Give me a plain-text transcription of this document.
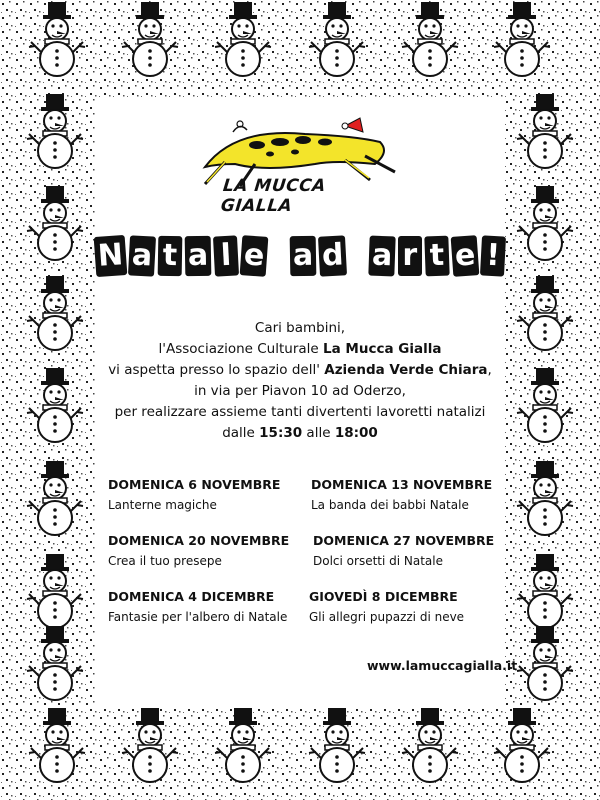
LA MUCCA GIALLA
N a t a l e a d a r t e !
Cari bambini,
l'Associazione Culturale La Mucca Gialla
vi aspetta presso lo spazio dell' Azienda Verde Chiara,
in via per Piavon 10 ad Oderzo,
per realizzare assieme tanti divertenti lavoretti natalizi
dalle 15:30 alle 18:00
DOMENICA 6 NOVEMBRE
Lanterne magiche
DOMENICA 13 NOVEMBRE
La banda dei babbi Natale
DOMENICA 20 NOVEMBRE
Crea il tuo presepe
DOMENICA 27 NOVEMBRE
Dolci orsetti di Natale
DOMENICA 4 DICEMBRE
Fantasie per l'albero di Natale
GIOVEDÌ 8 DICEMBRE
Gli allegri pupazzi di neve
www.lamuccagialla.it
